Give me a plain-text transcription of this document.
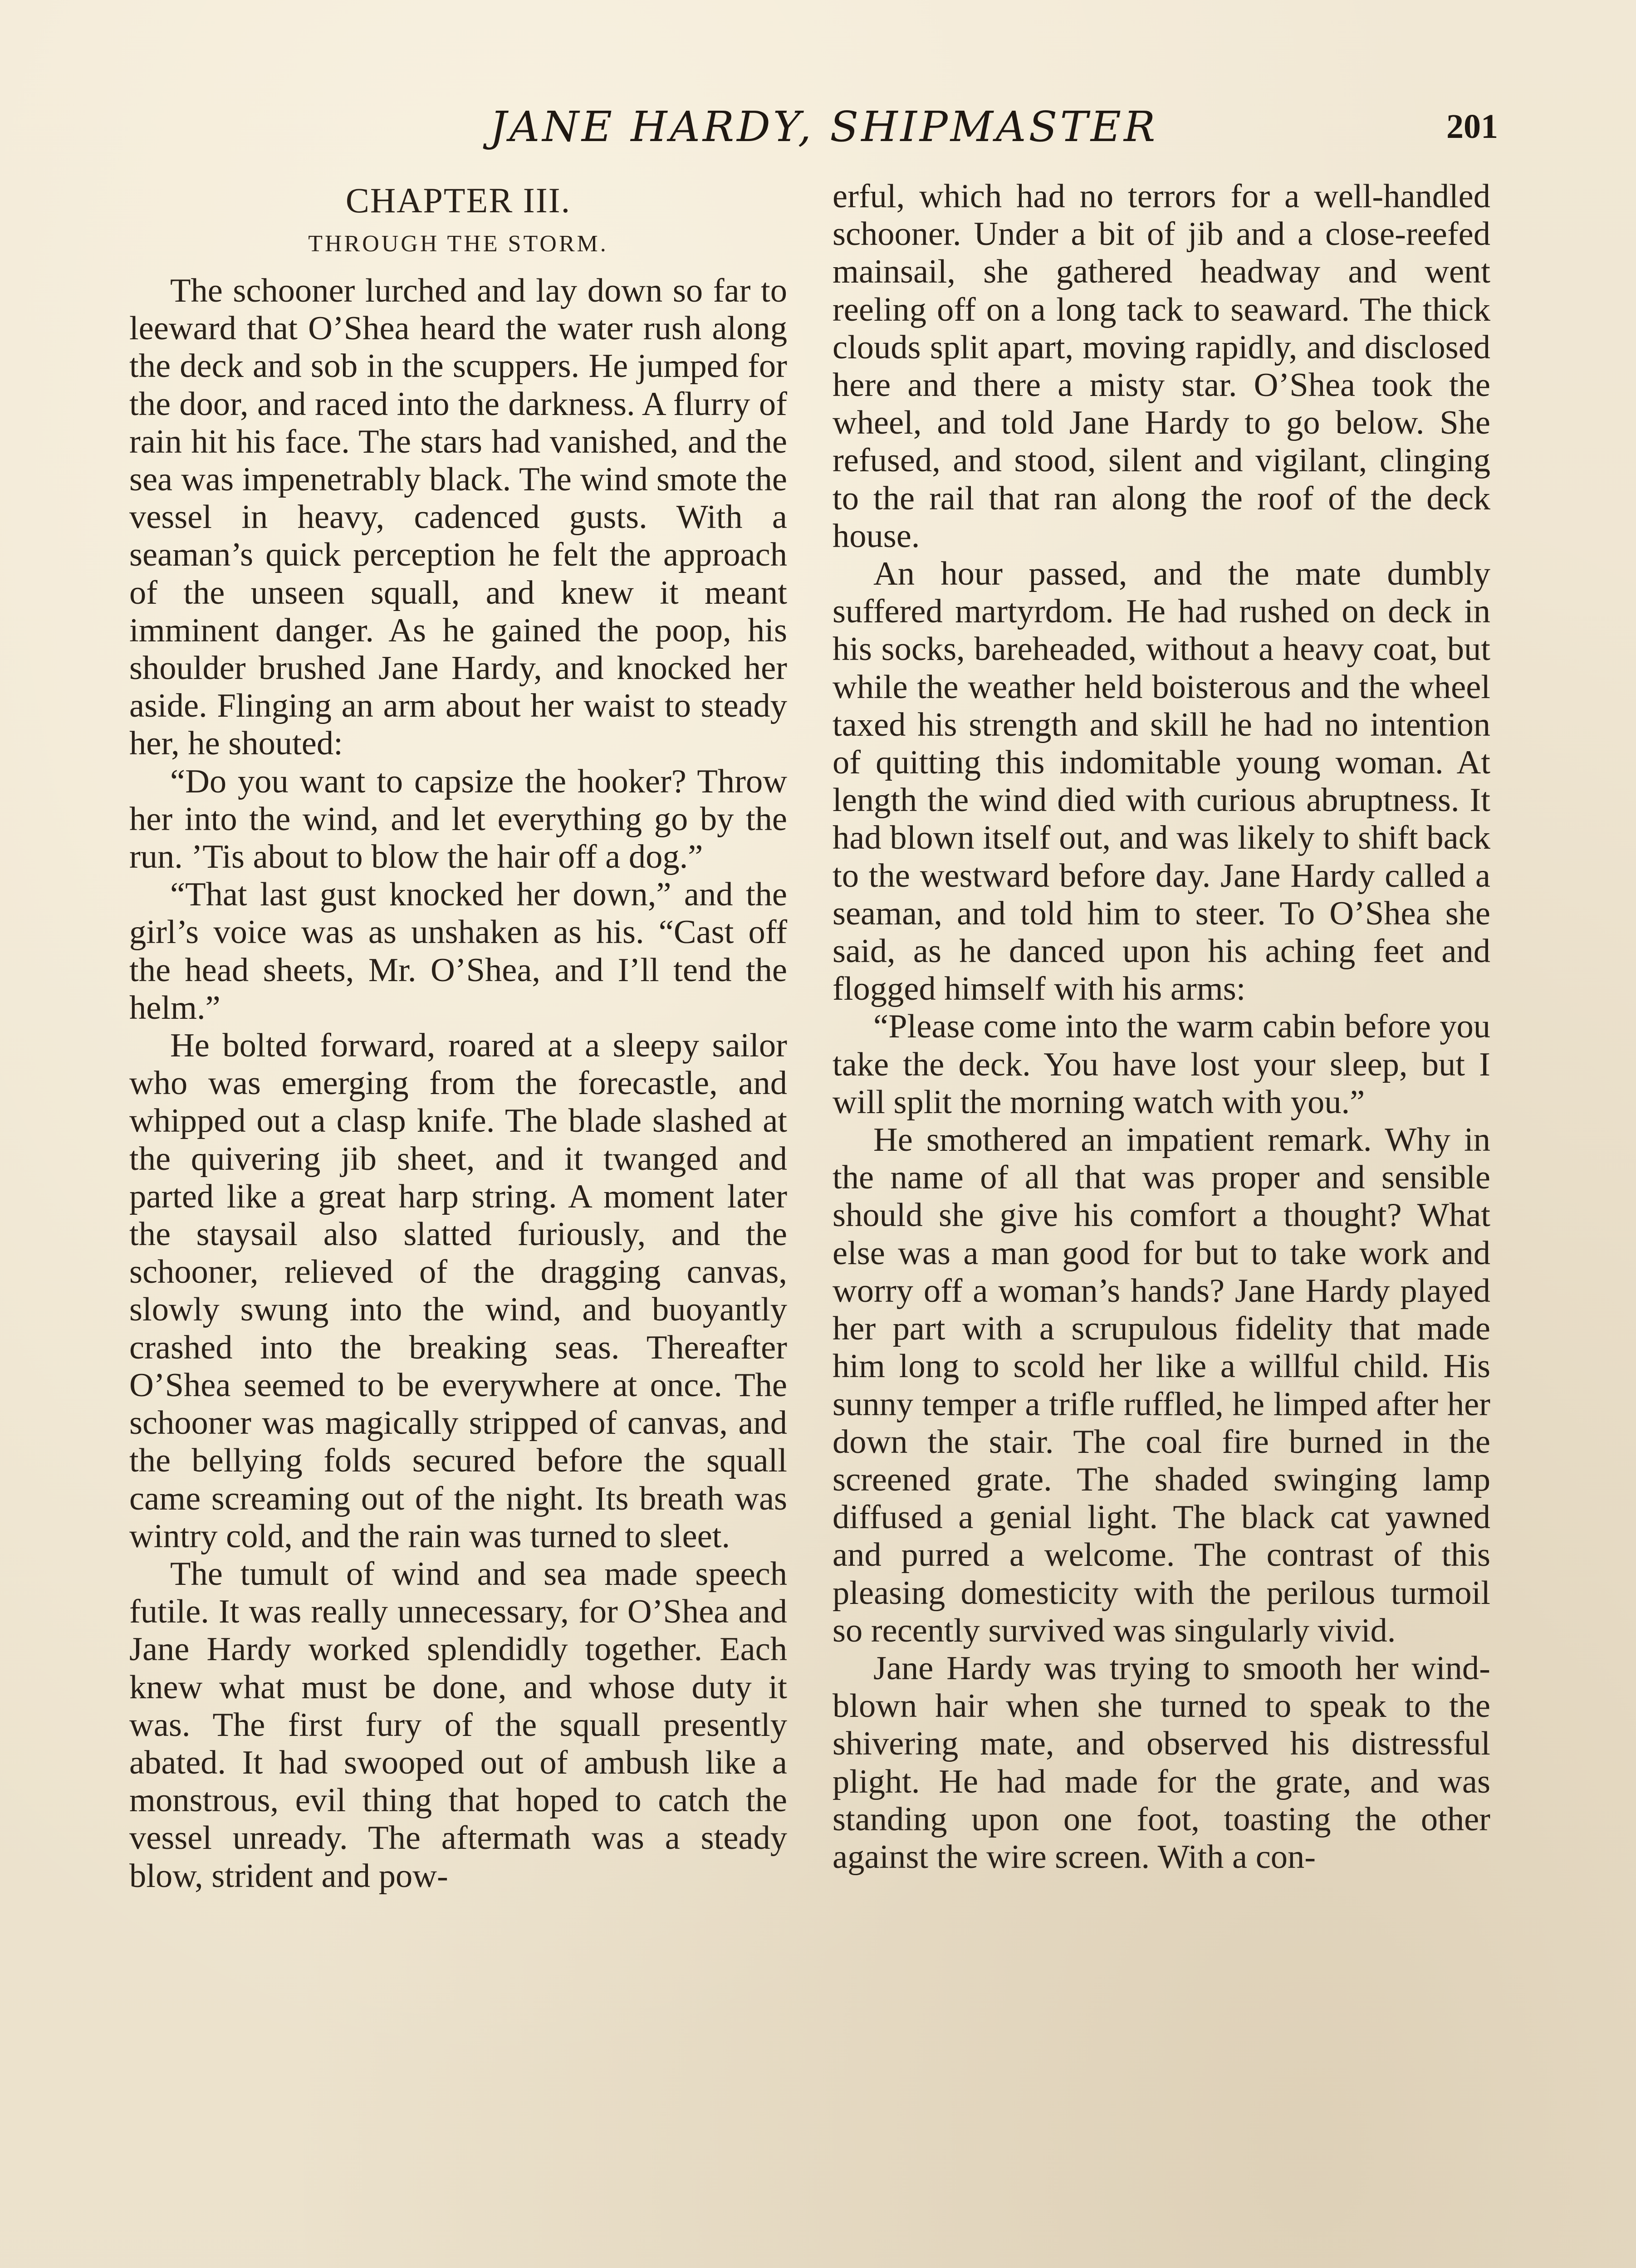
JANE HARDY, SHIPMASTER	201

CHAPTER III.

THROUGH THE STORM.

The schooner lurched and lay down so far to leeward that O’Shea heard the water rush along the deck and sob in the scuppers. He jumped for the door, and raced into the darkness. A flurry of rain hit his face. The stars had vanished, and the sea was impenetrably black. The wind smote the vessel in heavy, cadenced gusts. With a seaman’s quick perception he felt the approach of the unseen squall, and knew it meant imminent danger. As he gained the poop, his shoulder brushed Jane Hardy, and knocked her aside. Flinging an arm about her waist to steady her, he shouted:

“Do you want to capsize the hooker? Throw her into the wind, and let everything go by the run. ’Tis about to blow the hair off a dog.”

“That last gust knocked her down,” and the girl’s voice was as unshaken as his. “Cast off the head sheets, Mr. O’Shea, and I’ll tend the helm.”

He bolted forward, roared at a sleepy sailor who was emerging from the forecastle, and whipped out a clasp knife. The blade slashed at the quivering jib sheet, and it twanged and parted like a great harp string. A moment later the staysail also slatted furiously, and the schooner, relieved of the dragging canvas, slowly swung into the wind, and buoyantly crashed into the breaking seas. Thereafter O’Shea seemed to be everywhere at once. The schooner was magically stripped of canvas, and the bellying folds secured before the squall came screaming out of the night. Its breath was wintry cold, and the rain was turned to sleet.

The tumult of wind and sea made speech futile. It was really unnecessary, for O’Shea and Jane Hardy worked splendidly together. Each knew what must be done, and whose duty it was. The first fury of the squall presently abated. It had swooped out of ambush like a monstrous, evil thing that hoped to catch the vessel unready. The aftermath was a steady blow, strident and pow-

erful, which had no terrors for a well-handled schooner. Under a bit of jib and a close-reefed mainsail, she gathered headway and went reeling off on a long tack to seaward. The thick clouds split apart, moving rapidly, and disclosed here and there a misty star. O’Shea took the wheel, and told Jane Hardy to go below. She refused, and stood, silent and vigilant, clinging to the rail that ran along the roof of the deck house.

An hour passed, and the mate dumbly suffered martyrdom. He had rushed on deck in his socks, bareheaded, without a heavy coat, but while the weather held boisterous and the wheel taxed his strength and skill he had no intention of quitting this indomitable young woman. At length the wind died with curious abruptness. It had blown itself out, and was likely to shift back to the westward before day. Jane Hardy called a seaman, and told him to steer. To O’Shea she said, as he danced upon his aching feet and flogged himself with his arms:

“Please come into the warm cabin before you take the deck. You have lost your sleep, but I will split the morning watch with you.”

He smothered an impatient remark. Why in the name of all that was proper and sensible should she give his comfort a thought? What else was a man good for but to take work and worry off a woman’s hands? Jane Hardy played her part with a scrupulous fidelity that made him long to scold her like a willful child. His sunny temper a trifle ruffled, he limped after her down the stair. The coal fire burned in the screened grate. The shaded swinging lamp diffused a genial light. The black cat yawned and purred a welcome. The contrast of this pleasing domesticity with the perilous turmoil so recently survived was singularly vivid.

Jane Hardy was trying to smooth her wind-blown hair when she turned to speak to the shivering mate, and observed his distressful plight. He had made for the grate, and was standing upon one foot, toasting the other against the wire screen. With a con-
